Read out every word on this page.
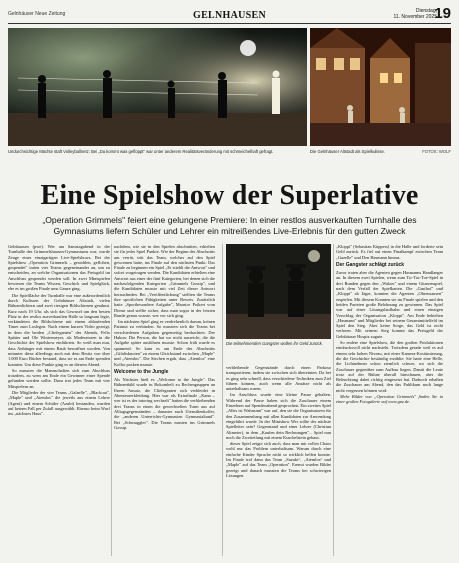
Gelnhäuser Neue Zeitung	GELNHAUSEN	Dienstag,
11. November 2025
19
Undurchsichtige Mächte staft Volleyballnetz: Bei „Da kommt was gefloppt" war unter anderem Realitätsveränderung mit schmeichelhaft gefragt.	Die Gelnhäuser Altstadt als Spielkulisse.	FOTOS: WOLF
Eine Spielshow der Superlative
„Operation Grimmels" feiert eine gelungene Premiere: In einer restlos ausverkauften Turnhalle des Gymnasiums liefern Schüler und Lehrer ein mitreißendes Live-Erlebnis für den gutten Zweck

Gelnhausen (pwe). Wer am Samstagabend in der Turnhalle des Grimmelshausen-Gymnasiums war, wurde Zeuge eines einzigartigen Live-Spielshows. Bei der Spielshow „Operation Grimmels – gestohlen, geflohen, gespendet" traten vier Teams gegeneinander an, um zu entscheiden, an welche Organisationen das Preisgeld im Anschluss gespendet werden soll. In zwei Minispielen bewiesen die Teams Wissen, Geschick und Spielglück, ehe es im großen Finale ums Ganze ging.

Die Spielfläche der Turnhalle war eine außerordentlich durch Kulissen der Gelnhäuser Altstadt, vielen Bühnenlichtern und zwei riesigen Bildschirmen gerahmt. Kurz nach 19 Uhr, als sich das Gewusel um den besten Platz in der restlos ausverkauften Halle so langsam legte, verkündeten die Bildschirme mit einem ablaufenden Timer zum Loslegen. Nach einem kurzen Video gezeigt, in dem die beiden „Cliefeganten" des Abends, Felix Spätter und Ole Wintermeyer, als Moderatoren in die Geschichte der Spielshow einführten. So weiß man nun, dass Anhänger mit einem Raub bewaffnet worden. Von mitunter diese allerdings auch mit dem Besitz von über 1.000 Euro Bücher bestand, dass sie es am Ende spenden konnten. Um diese Punkte ging es an diesem Abend.

So mussten die Mannschaften sich zum Abschluss trotzdem, zu wem am Ende ein Gewinner einer Spende gefunden werden sollte. Dazu trat jedes Team mit vier Mitspielern an.

Die Mitglieder der vier Teams „Galaelle", „Blackout", „Maple" und „Atemlos" die jeweils aus einem Lehrer (Agent) und einem Schüler (Azubi) bestanden, wurden auf keinen Fall per Zufall ausgewählt. Ebenso beim Wurf ins „nächstes Haus".

nachdem, wie sie in den Spielen abschnitten, erhielten sie für jedes Spiel Punkte. Wie der Beginn des Abschnitts am verrät, tritt das Team, welches auf den Spiel gewonnen hatte, ins Finale auf den nächsten Punkt. Das Finale zu beginnen ein Spiel „Er stiehlt die Antwort" und sofort vorgetragen werden. Die Kandidaten erhielten eine Antwort aus einer der fünf Kategorien, bei denen sich die nachzufolgenden Kategorien „Grimmels Gossip", und die Kandidaten musste mit viel Zeit dieser Antwort herausfinden. Bei „Veröffentlichung" stellten die Teams ihre sportlichen Fähigkeiten unter Beweis. Zusätzlich hatte „Sportbesondere Aufgabe", Maurice Poikert vom Dienst und stellte sicher, dass man sogar in der letzten Runde genau wusste, wer vor sich ging.

Im nächsten Spiel ging es verdrehenlich darum, keinen Pattmut zu verbinden. So mussten sich die Teams bei verschiedenen Aufgaben gegenseitig beobachten. Der Hakon: Die Person, die hat wo nicht ausreicht, die die Aufgabe später ausführen musste. Schon früh wurde es spannend. So kam es am Ende des Abschnitts „Gifaltsknoten" zu einem Gleichstand zwischen „Maple" und „Atemlos". Die Stechen ergab, dass „Atemlos" eine Kollor packen musste.

Welcome to the Jungle

Als Nächstes hieß es „Welcome to the Jungle". Das Bühnenbild wurde in Bokombeli zu Rechengruppen an Ihrem Ansatz, die Cliefeganten sich verkleidet in Abenteurerkleidung. Hier war als Extrafinale „Kann – wer ist es der tutoring wechselt" hatten die verbleibenden drei Teams in einen die gewechselten Turm aus auf Alltagsgegenständen – darunter auch Utensilienkoffer, die „anderen Unterrichts-Gymnasien Gymnasialtand". Bei „Schmuggler". Die Teams musten ins Grimmels Gossip.

Die teilnehmenden Gangster wollen ihr Geld zurück.

verbleibende Gegenstände durch einen Parkour transportieren, indem sie zwischen sich übereinten. Da bei es ging sehr schnell, dass verschiedene Techniken zum Ziel führen können, auch wenn alle Ansätze nicht als unterhaltsam waren.

Im Anschluss wurde eine kleine Pause gehalten. Während der Pause haben sich die Zuschauer einem Einzelnen auf Spendenabend gesprochen. Ein zweites Spiel „Alles ist Wahnsinn" war auf, den sie die Organisatoren für den Zusammenhang mit allen Kandidaten zur Anwendung eingeführt wurde. In der Minishow Wer sollte der nächste Spielleiter sein? Gegenstand und einer Lehrer (Christian Altmeter), in dem „Kaufen dein Rechnungen"... Spiel nun noch die Zweiteilung mit einem Kuschelstein gebaut.

dieser Spiel zeigte sich auch, dass man mit vollen Chaos wohl nur das Problem unterhaltsam. Warum durch eine einfache Kinder Sprache nicht so wirklich helfen konnte. Im Finale traf dann das Team „Suzuki“, „Atemlos“ und „Maple" auf das Team „Operation". Erneut wurden Bilder gezeigt und danach mussten die Teams bei schwierigen Lösungen.

„Kloppi" (Sebastian Küppers) in die Halle und forderte sein Geld zurück. Es fiel auf einen Finalkampf zwischen Team „Gazelle" und Den Hasmann hinaus.

Der Gangster schlägt zurück

Zuvor traten aber die Agenten gegen Hasmanns Handlanger an. In diesem zwei Spielen, wenn zum Tic-Tac-Toe-Spiel in drei Runden gegen den „Walzer" und einem Gitarrenspiel, nach dem Verfall der Spielkarten. Die „Gasthof" und „Kloppi" ab Jäger, konnten die Agenten „Ohrensausen" erspielen. Mit diesem Konnten sie im Finale spielen und den beiden Parteien große Belohnung zu gewinnen. Das Spiel war auf einer Lösungslaufbahn und einen einzigen Vorschlag der Organisation „Kloppi". Am Ende behielten „Hasmann" und Mitglieder bei seinem Gesamtmittelfeld im Spiel den Sieg. Aber keine Sorge, das Geld ist nicht verloren. Mit seinem Sieg kommt das Preisgeld der Gelnhäuser Hospiz zugute.

So endete eine Spielshow, die den großen Produktionen eindrucksvoll nicht nachsteht. Trotzdem gerade weil es auf einem sehr hohen Niveau, mit einer Kamera-Kostümierung, die die Geschichte beständig erzählte. Sie hatte eine Helle, die Lichtnehmer schon ziemlich schwer, wo sich die Zuschauer gegenüber zum Aufbau liegen. Damit die Leute trotz auf der Bühne überall hinschauen, aber die Beleuchtung dabei richtig eingesetzt hat. Dadurch erhalten die Zuschauer am Abend, den das Publikum noch lange nicht vergessen können wird.

Mehr Bilder von „Operation Grimmels" finden Sie in einer großen Fotogalerie auf www.gnz.de.
